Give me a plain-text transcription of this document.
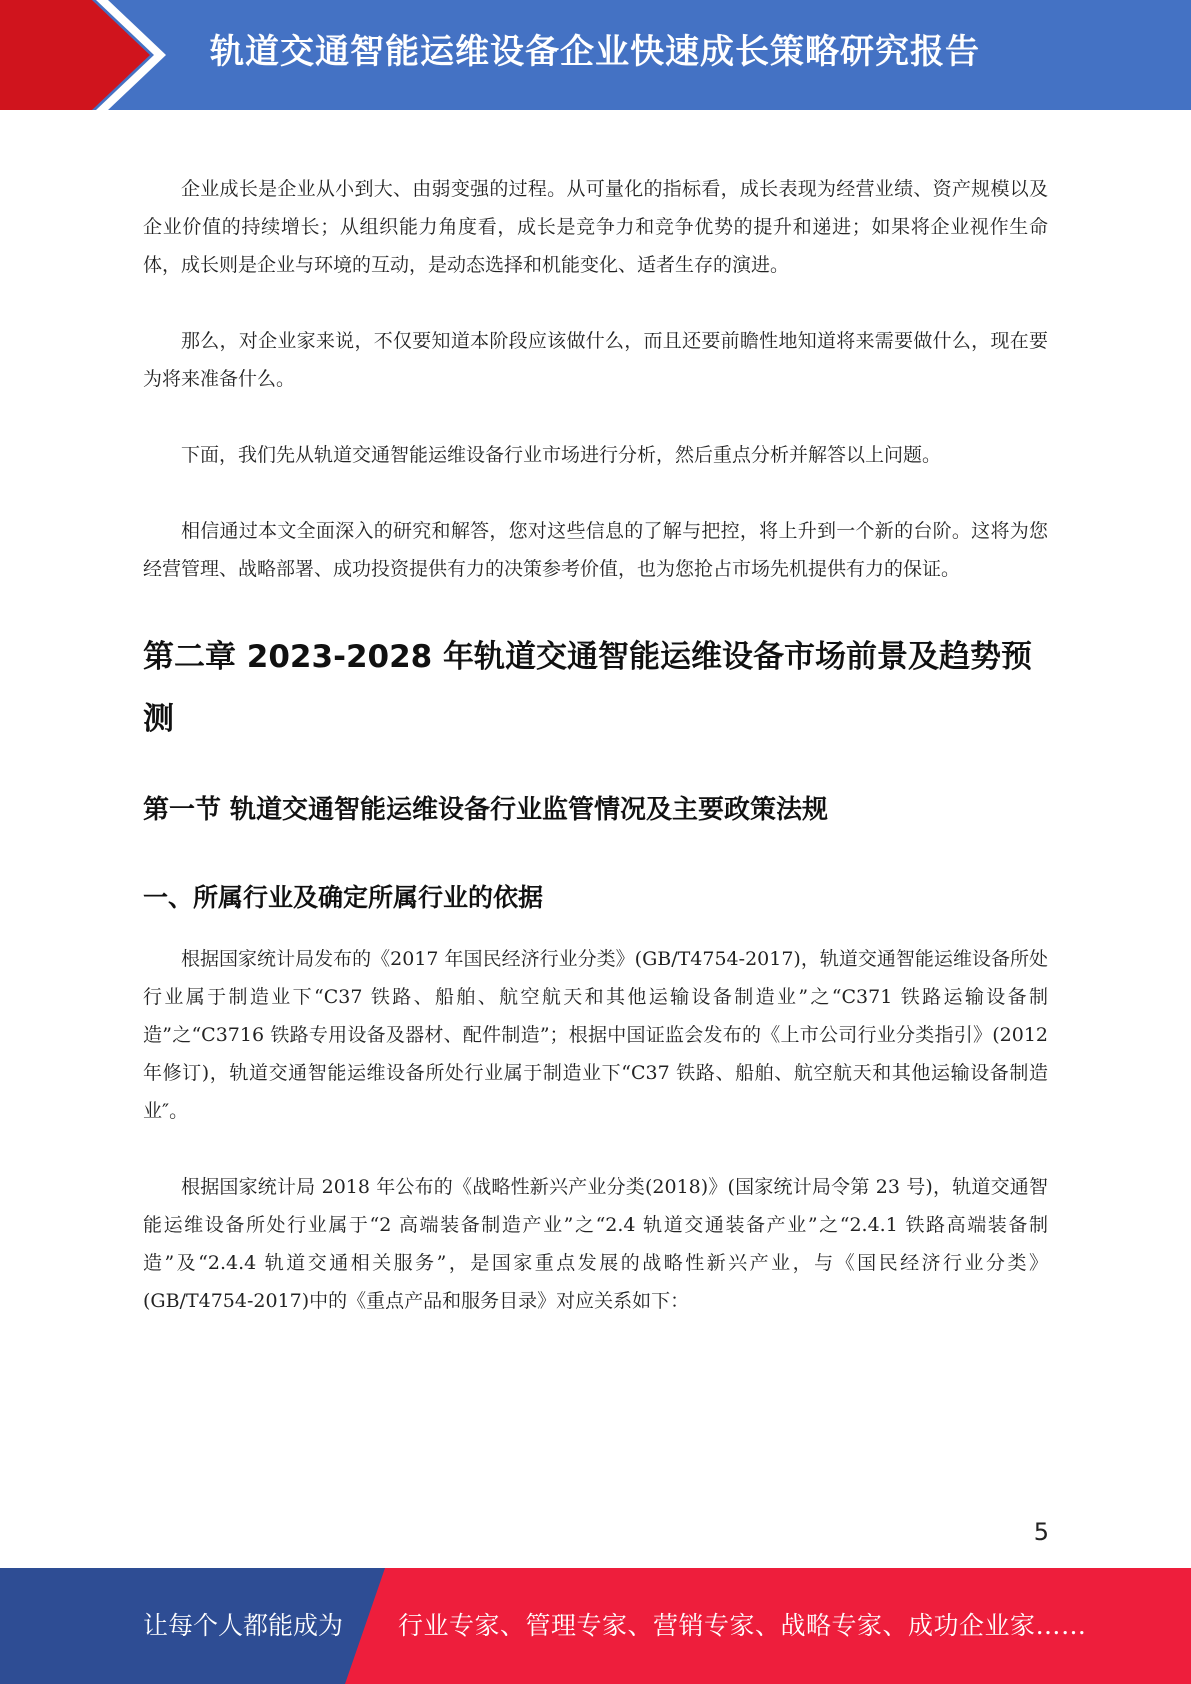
轨道交通智能运维设备企业快速成长策略研究报告

企业成长是企业从小到大、由弱变强的过程。从可量化的指标看，成长表现为经营业绩、资产规模以及企业价值的持续增长；从组织能力角度看，成长是竞争力和竞争优势的提升和递进；如果将企业视作生命体，成长则是企业与环境的互动，是动态选择和机能变化、适者生存的演进。

那么，对企业家来说，不仅要知道本阶段应该做什么，而且还要前瞻性地知道将来需要做什么，现在要为将来准备什么。

下面，我们先从轨道交通智能运维设备行业市场进行分析，然后重点分析并解答以上问题。

相信通过本文全面深入的研究和解答，您对这些信息的了解与把控，将上升到一个新的台阶。这将为您经营管理、战略部署、成功投资提供有力的决策参考价值，也为您抢占市场先机提供有力的保证。

第二章 2023-2028 年轨道交通智能运维设备市场前景及趋势预测
第一节 轨道交通智能运维设备行业监管情况及主要政策法规
一、所属行业及确定所属行业的依据

根据国家统计局发布的《2017 年国民经济行业分类》(GB/T4754-2017)，轨道交通智能运维设备所处行业属于制造业下“C37 铁路、船舶、航空航天和其他运输设备制造业”之“C371 铁路运输设备制造”之“C3716 铁路专用设备及器材、配件制造”；根据中国证监会发布的《上市公司行业分类指引》(2012 年修订)，轨道交通智能运维设备所处行业属于制造业下“C37 铁路、船舶、航空航天和其他运输设备制造业″。

根据国家统计局 2018 年公布的《战略性新兴产业分类(2018)》(国家统计局令第 23 号)，轨道交通智能运维设备所处行业属于“2 高端装备制造产业”之“2.4 轨道交通装备产业”之“2.4.1 铁路高端装备制造”及“2.4.4 轨道交通相关服务”，是国家重点发展的战略性新兴产业，与《国民经济行业分类》(GB/T4754-2017)中的《重点产品和服务目录》对应关系如下：

5
让每个人都能成为 行业专家、管理专家、营销专家、战略专家、成功企业家……
